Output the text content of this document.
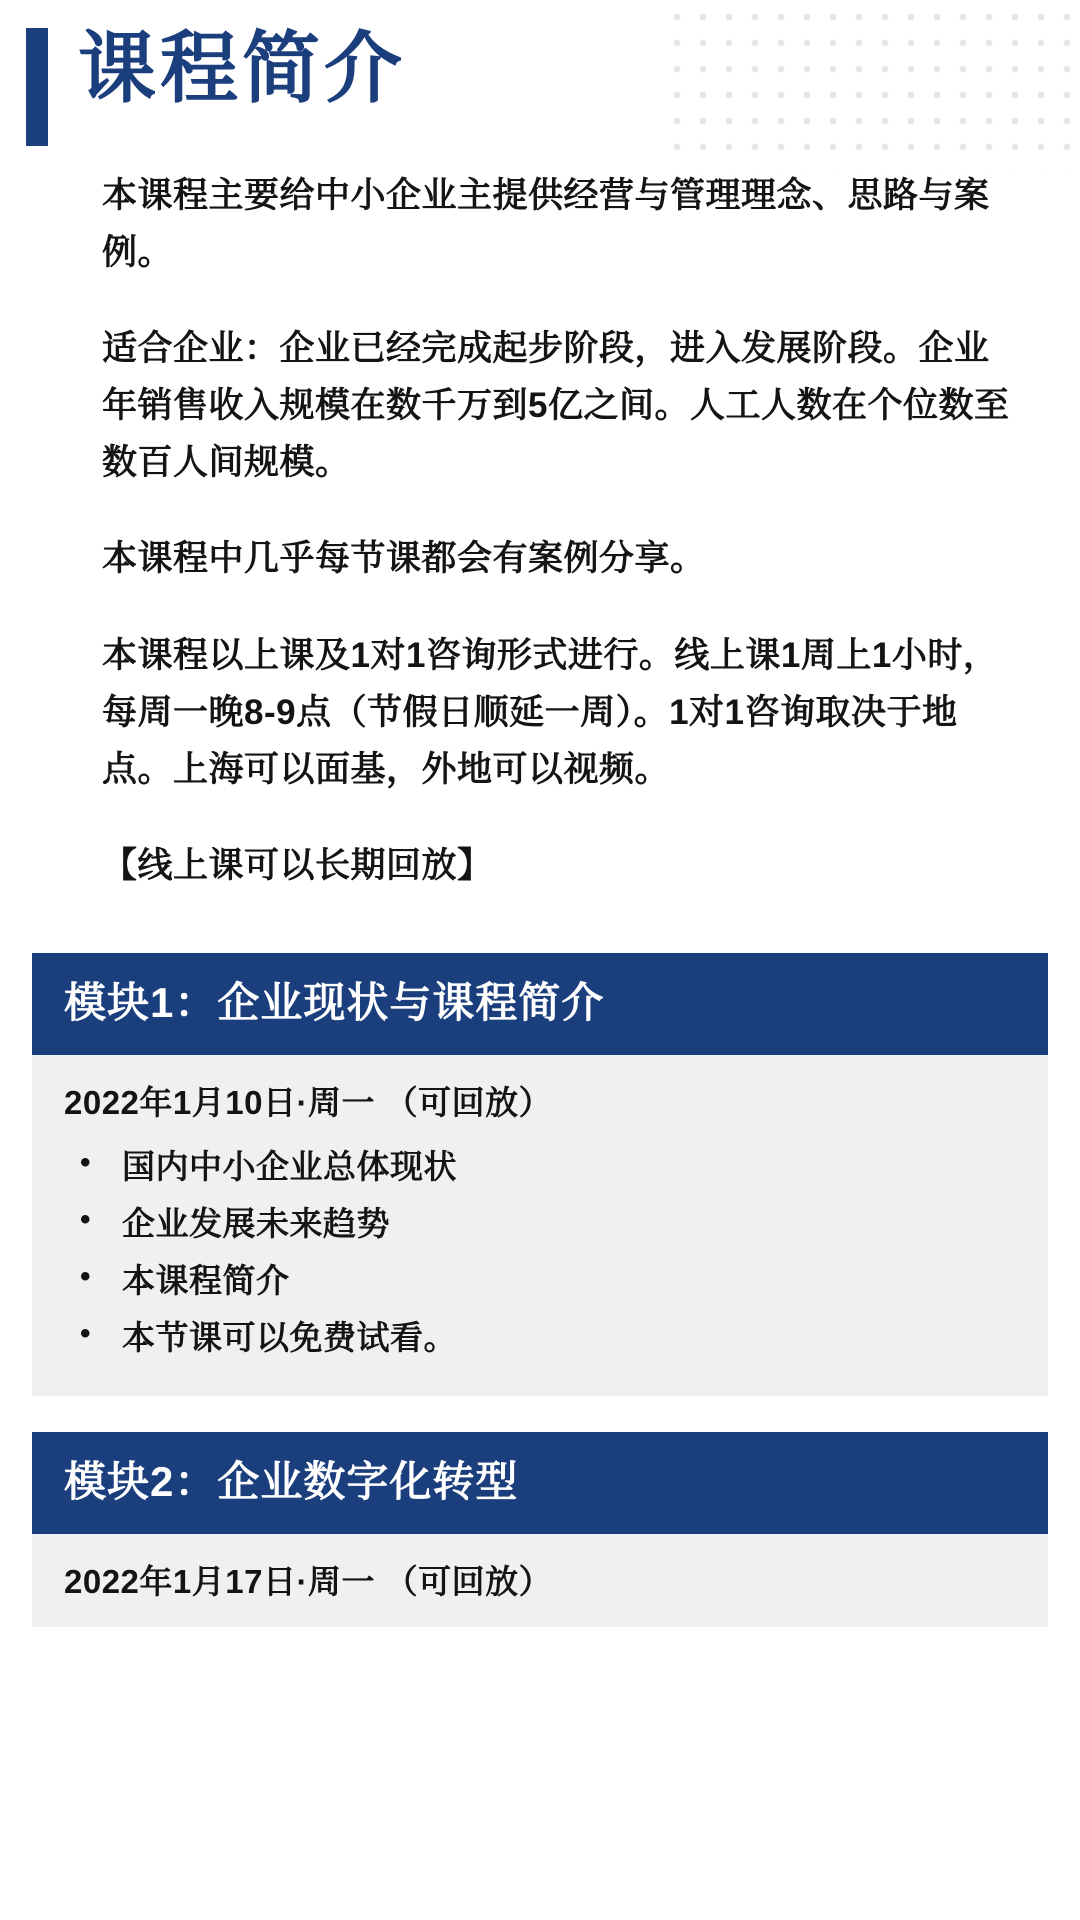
课程简介

本课程主要给中小企业主提供经营与管理理念、思路与案例。

适合企业：企业已经完成起步阶段，进入发展阶段。企业年销售收入规模在数千万到5亿之间。人工人数在个位数至数百人间规模。

本课程中几乎每节课都会有案例分享。

本课程以上课及1对1咨询形式进行。线上课1周上1小时，每周一晚8-9点（节假日顺延一周）。1对1咨询取决于地点。上海可以面基，外地可以视频。

【线上课可以长期回放】

模块1：企业现状与课程简介
2022年1月10日·周一 （可回放）
• 国内中小企业总体现状
• 企业发展未来趋势
• 本课程简介
• 本节课可以免费试看。
模块2：企业数字化转型
2022年1月17日·周一 （可回放）
